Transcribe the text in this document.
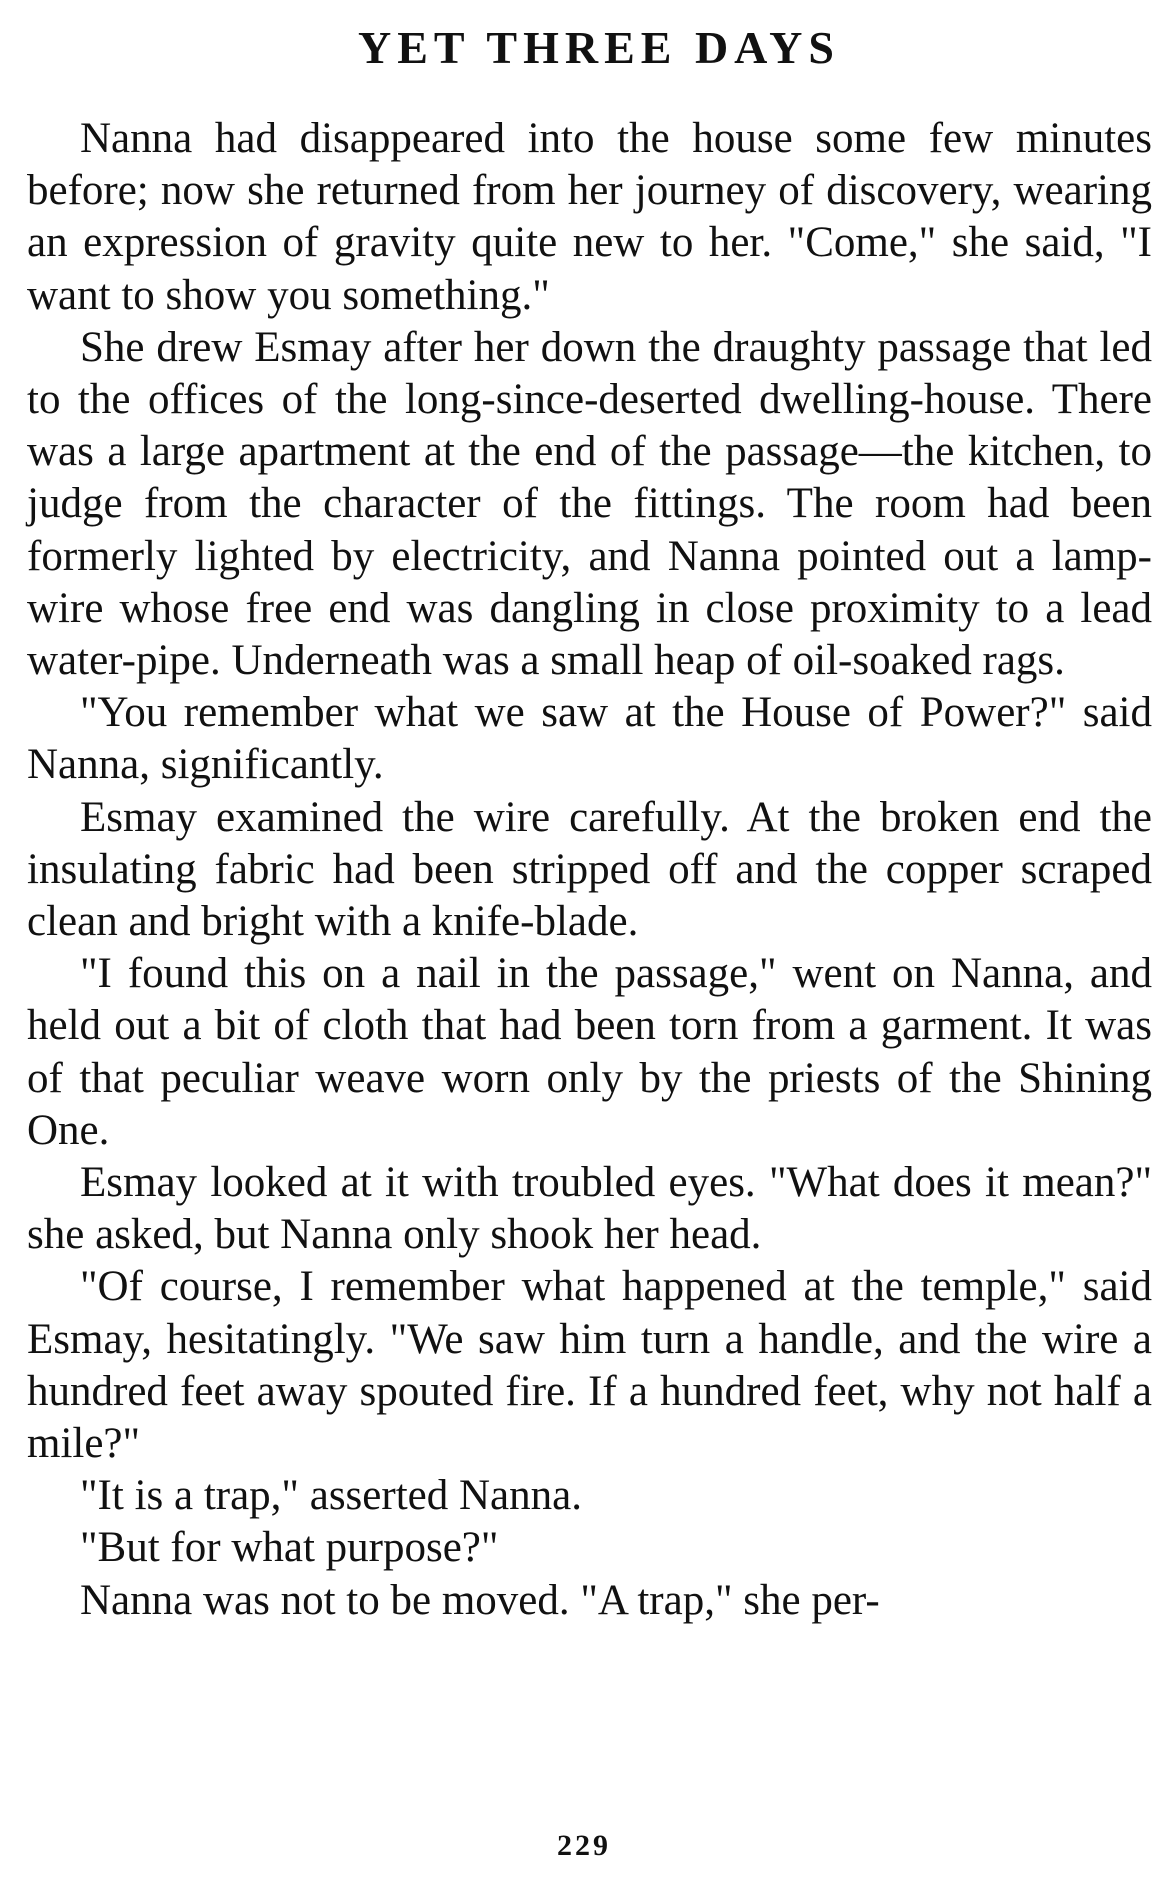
YET THREE DAYS

Nanna had disappeared into the house some few minutes before; now she returned from her journey of discovery, wearing an expression of gravity quite new to her. "Come," she said, "I want to show you something."

She drew Esmay after her down the draughty passage that led to the offices of the long-since-deserted dwelling-house. There was a large apartment at the end of the passage—the kitchen, to judge from the character of the fittings. The room had been formerly lighted by electricity, and Nanna pointed out a lamp-wire whose free end was dangling in close proximity to a lead water-pipe. Underneath was a small heap of oil-soaked rags.

"You remember what we saw at the House of Power?" said Nanna, significantly.

Esmay examined the wire carefully. At the broken end the insulating fabric had been stripped off and the copper scraped clean and bright with a knife-blade.

"I found this on a nail in the passage," went on Nanna, and held out a bit of cloth that had been torn from a garment. It was of that peculiar weave worn only by the priests of the Shining One.

Esmay looked at it with troubled eyes. "What does it mean?" she asked, but Nanna only shook her head.

"Of course, I remember what happened at the temple," said Esmay, hesitatingly. "We saw him turn a handle, and the wire a hundred feet away spouted fire. If a hundred feet, why not half a mile?"

"It is a trap," asserted Nanna.

"But for what purpose?"

Nanna was not to be moved. "A trap," she per-

229
